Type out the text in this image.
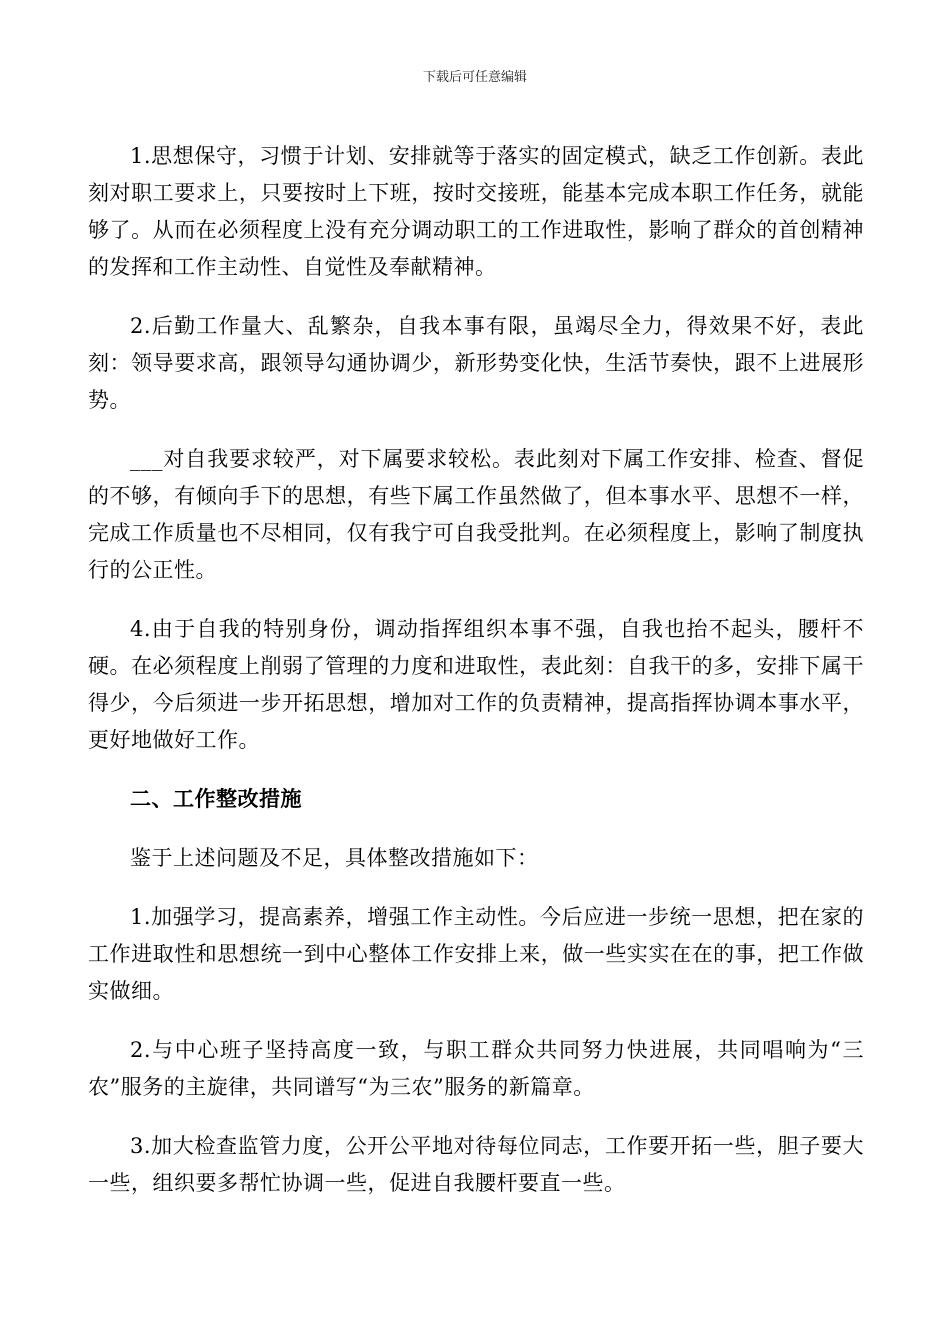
下载后可任意编辑

1.思想保守，习惯于计划、安排就等于落实的固定模式，缺乏工作创新。表此刻对职工要求上，只要按时上下班，按时交接班，能基本完成本职工作任务，就能够了。从而在必须程度上没有充分调动职工的工作进取性，影响了群众的首创精神的发挥和工作主动性、自觉性及奉献精神。

2.后勤工作量大、乱繁杂，自我本事有限，虽竭尽全力，得效果不好，表此刻：领导要求高，跟领导勾通协调少，新形势变化快，生活节奏快，跟不上进展形势。

___对自我要求较严，对下属要求较松。表此刻对下属工作安排、检查、督促的不够，有倾向手下的思想，有些下属工作虽然做了，但本事水平、思想不一样，完成工作质量也不尽相同，仅有我宁可自我受批判。在必须程度上，影响了制度执行的公正性。

4.由于自我的特别身份，调动指挥组织本事不强，自我也抬不起头，腰杆不硬。在必须程度上削弱了管理的力度和进取性，表此刻：自我干的多，安排下属干得少，今后须进一步开拓思想，增加对工作的负责精神，提高指挥协调本事水平，更好地做好工作。

二、工作整改措施

鉴于上述问题及不足，具体整改措施如下：

1.加强学习，提高素养，增强工作主动性。今后应进一步统一思想，把在家的工作进取性和思想统一到中心整体工作安排上来，做一些实实在在的事，把工作做实做细。

2.与中心班子坚持高度一致，与职工群众共同努力快进展，共同唱响为“三农”服务的主旋律，共同谱写“为三农”服务的新篇章。

3.加大检查监管力度，公开公平地对待每位同志，工作要开拓一些，胆子要大一些，组织要多帮忙协调一些，促进自我腰杆要直一些。
